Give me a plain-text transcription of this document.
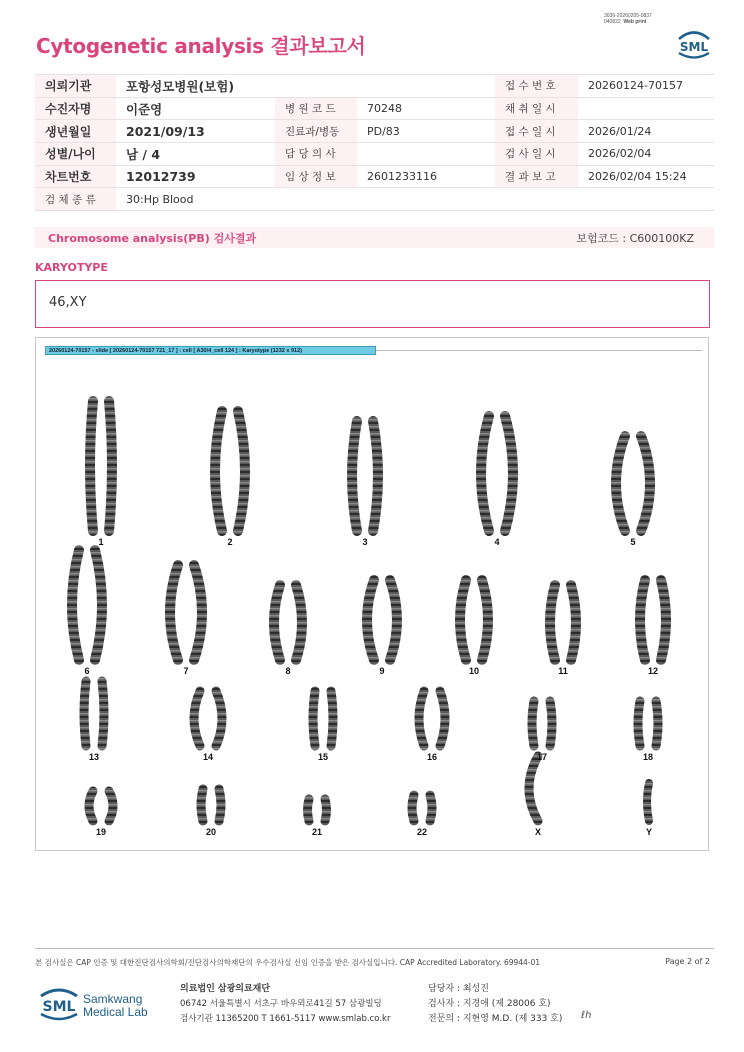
3036-20260205-0837
040822 Web print
Cytogenetic analysis 결과보고서	SML
의뢰기관	포항성모병원(보험)			접 수 번 호	20260124-70157
수진자명	이준영	병 원 코 드	70248	채 취 일 시	
생년월일	2021/09/13	진료과/병동	PD/83	접 수 일 시	2026/01/24
성별/나이	남 / 4	담 당 의 사		검 사 일 시	2026/02/04
차트번호	12012739	임 상 정 보	2601233116	결 과 보 고	2026/02/04 15:24
검 체 종 류	30:Hp Blood				
Chromosome analysis(PB) 검사결과	보험코드 : C600100KZ
KARYOTYPE
46,XY
20260124-70157 - slide [ 20260124-70157 721_17 ] : cell [ A30/4_cell 124 ] : Karyotype (1232 x 912)
1	2	3	4	5
6	7	8	9	10	11	12
13	14	15	16	17	18
19	20	21	22	X	Y
본 검사실은 CAP 인증 및 대한진단검사의학회/진단검사의학재단의 우수검사실 신임 인증을 받은 검사실입니다. CAP Accredited Laboratory. 69944-01	Page 2 of 2
SML Samkwang
Medical Lab
의료법인 삼광의료재단
06742 서울특별시 서초구 바우뫼로41길 57 삼광빌딩
검사기관 11365200 T 1661-5117 www.smlab.co.kr
담당자 : 최성진
검사자 : 지경애 (제 28006 호)
전문의 : 지현영 M.D. (제 333 호) ℓh
